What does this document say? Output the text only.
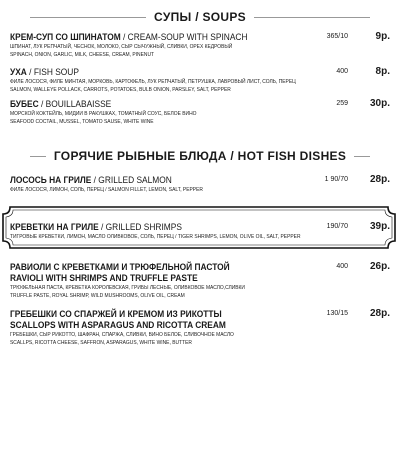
СУПЫ / SOUPS
КРЕМ-СУП СО ШПИНАТОМ / CREAM-SOUP WITH SPINACH	365/10	9р.
ШПИНАТ, ЛУК РЕПЧАТЫЙ, ЧЕСНОК, МОЛОКО, СЫР СЫЧУЖНЫЙ, СЛИВКИ, ОРЕХ КЕДРОВЫЙ
SPINACH, ONION, GARLIC, MILK, CHEESE, CREAM, PINENUT
УХА / FISH SOUP	400	8р.
ФИЛЕ ЛОСОСЯ, ФИЛЕ МИНТАЯ, МОРКОВЬ, КАРТОФЕЛЬ, ЛУК РЕПЧАТЫЙ, ПЕТРУШКА, ЛАВРОВЫЙ ЛИСТ, СОЛЬ, ПЕРЕЦ
SALMON, WALLEYE POLLACK, CARROTS, POTATOES, BULB ONION, PARSLEY, SALT, PEPPER
БУБЕС / BOUILLABAISSE	259 30р.
МОРСКОЙ КОКТЕЙЛЬ, МИДИИ В РАКУШКАХ, ТОМАТНЫЙ СОУС, БЕЛОЕ ВИНО
SEAFOOD COCTAIL, MUSSEL, TOMATO SAUSE, WHITE WINE
ГОРЯЧИЕ РЫБНЫЕ БЛЮДА / HOT FISH DISHES
ЛОСОСЬ НА ГРИЛЕ / GRILLED SALMON	1 90/70 28р.
ФИЛЕ ЛОСОСЯ, ЛИМОН, СОЛЬ, ПЕРЕЦ / SALMON FILLET, LEMON, SALT, PEPPER
КРЕВЕТКИ НА ГРИЛЕ / GRILLED SHRIMPS	190/70 39р.
ТИГРОВЫЕ КРЕВЕТКИ, ЛИМОН, МАСЛО ОЛИВКОВОЕ, СОЛЬ, ПЕРЕЦ / TIGER SHRIMPS, LEMON, OLIVE OIL, SALT, PEPPER
РАВИОЛИ С КРЕВЕТКАМИ И ТРЮФЕЛЬНОЙ ПАСТОЙ	400 26р.
RAVIOLI WITH SHRIMPS AND TRUFFLE PASTE
ТРЮФЕЛЬНАЯ ПАСТА, КРЕВЕТКА КОРОЛЕВСКАЯ, ГРИБЫ ЛЕСНЫЕ, ОЛИВКОВОЕ МАСЛО,СЛИВКИ
TRUFFLE PASTE, ROYAL SHRIMP, WILD MUSHROOMS, OLIVE OIL, CREAM
ГРЕБЕШКИ СО СПАРЖЕЙ И КРЕМОМ ИЗ РИКОТТЫ	130/15 28р.
SCALLOPS WITH ASPARAGUS AND RICOTTA CREAM
ГРЕБЕШКИ, СЫР РИКОТТО, ШАФРАН, СПАРЖА, СЛИВКИ, ВИНО БЕЛОЕ, СЛИВОЧНОЕ МАСЛО
SCALLPS, RICOTTA CHEESE, SAFFRON, ASPARAGUS, WHITE WINE, BUTTER
